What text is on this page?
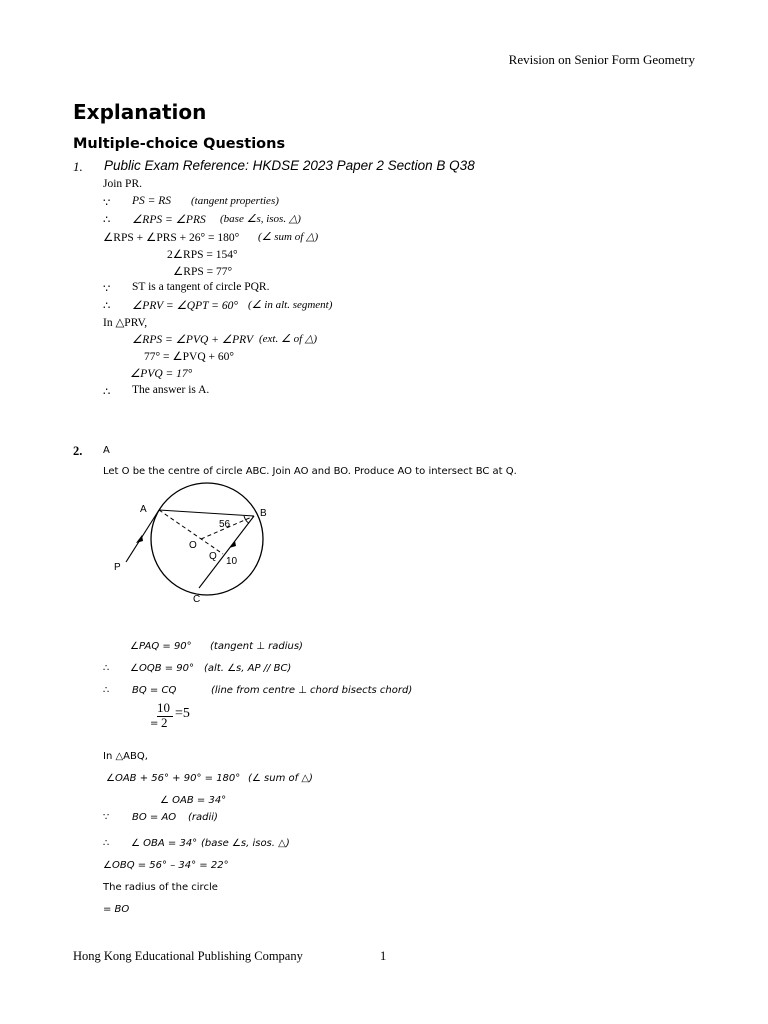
Revision on Senior Form Geometry
Explanation
Multiple-choice Questions
1. Public Exam Reference: HKDSE 2023 Paper 2 Section B Q38
Join PR.
∵ PS = RS (tangent properties)
∴ ∠RPS = ∠PRS (base ∠s, isos. △)
∠RPS + ∠PRS + 26° = 180° (∠ sum of △)
2∠RPS = 154°
∠RPS = 77°
∵ ST is a tangent of circle PQR.
∴ ∠PRV = ∠QPT = 60° (∠ in alt. segment)
In △PRV,
∠RPS = ∠PVQ + ∠PRV (ext. ∠ of △)
77° = ∠PVQ + 60°
∠PVQ = 17°
∴ The answer is A.
2. A
Let O be the centre of circle ABC. Join AO and BO. Produce AO to intersect BC at Q.
A	B
C
O
Q
P
56
10
∠PAQ = 90° (tangent ⊥ radius)
∴ ∠OQB = 90° (alt. ∠s, AP // BC)
∴ BQ = CQ	(line from centre ⊥ chord bisects chord)
=
10
2
=5
In △ABQ,
∠OAB + 56° + 90° = 180° (∠ sum of △)
∠ OAB = 34°
∵ BO = AO (radii)
∴ ∠ OBA = 34° (base ∠s, isos. △)
∠OBQ = 56° – 34° = 22°
The radius of the circle
= BO
Hong Kong Educational Publishing Company	1
